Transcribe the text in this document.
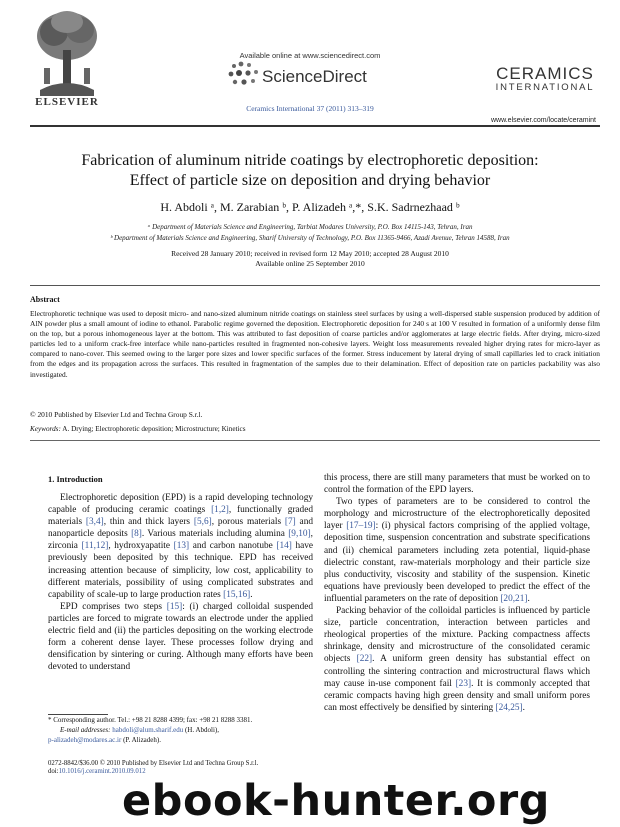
ELSEVIER
Available online at www.sciencedirect.com
ScienceDirect
Ceramics International 37 (2011) 313–319
CERAMICS
INTERNATIONAL
www.elsevier.com/locate/ceramint
Fabrication of aluminum nitride coatings by electrophoretic deposition:
Effect of particle size on deposition and drying behavior
H. Abdoli ᵃ, M. Zarabian ᵇ, P. Alizadeh ᵃ,*, S.K. Sadrnezhaad ᵇ
ᵃ Department of Materials Science and Engineering, Tarbiat Modares University, P.O. Box 14115-143, Tehran, Iran
ᵇ Department of Materials Science and Engineering, Sharif University of Technology, P.O. Box 11365-9466, Azadi Avenue, Tehran 14588, Iran
Received 28 January 2010; received in revised form 12 May 2010; accepted 28 August 2010
Available online 25 September 2010
Abstract
Electrophoretic technique was used to deposit micro- and nano-sized aluminum nitride coatings on stainless steel surfaces by using a well-dispersed stable suspension produced by addition of AlN powder plus a small amount of iodine to ethanol. Parabolic regime governed the deposition. Electrophoretic deposition for 240 s at 100 V resulted in formation of a uniformly dense film on the top, but a porous inhomogeneous layer at the bottom. This was attributed to fast deposition of coarse particles and/or agglomerates at large electric fields. After drying, micro-sized particles led to a uniform crack-free interface while nano-particles resulted in fragmented non-cohesive layers. Weight loss measurements revealed higher drying rates for micro-layer as compared to nano-cover. This seemed owing to the larger pore sizes and lower specific surfaces of the former. Stress inducement by lateral drying of small capillaries led to crack initiation from the edges and its propagation across the surfaces. This resulted in fragmentation of the samples due to their delamination. Effect of deposition rate on particles packability was also investigated.
© 2010 Published by Elsevier Ltd and Techna Group S.r.l.
Keywords: A. Drying; Electrophoretic deposition; Microstructure; Kinetics
1. Introduction

Electrophoretic deposition (EPD) is a rapid developing technology capable of producing ceramic coatings [1,2], functionally graded materials [3,4], thin and thick layers [5,6], porous materials [7] and nanoparticle deposits [8]. Various materials including alumina [9,10], zirconia [11,12], hydroxyapatite [13] and carbon nanotube [14] have previously been deposited by this technique. EPD has received increasing attention because of simplicity, low cost, applicability to different materials, possibility of using complicated substrates and capability of scale-up to large production rates [15,16].

EPD comprises two steps [15]: (i) charged colloidal suspended particles are forced to migrate towards an electrode under the applied electric field and (ii) the particles depositing on the working electrode form a coherent dense layer. These processes follow drying and densification by sintering or curing. Although many efforts have been devoted to understand

this process, there are still many parameters that must be worked on to control the formation of the EPD layers.

Two types of parameters are to be considered to control the morphology and microstructure of the electrophoretically deposited layer [17–19]: (i) physical factors comprising of the applied voltage, deposition time, suspension concentration and substrate specifications and (ii) chemical parameters including zeta potential, liquid-phase dielectric constant, raw-materials morphology and their particle size plus conductivity, viscosity and stability of the suspension. Kinetic equations have previously been developed to predict the effect of the influential parameters on the rate of deposition [20,21].

Packing behavior of the colloidal particles is influenced by particle size, particle concentration, interaction between particles and rheological properties of the mixture. Packing compactness affects shrinkage, density and microstructure of the consolidated ceramic objects [22]. A uniform green density has substantial effect on controlling the sintering contraction and microstructural flaws which may cause in-use component fail [23]. It is commonly accepted that ceramic compacts having high green density and small uniform pores can most effectively be densified by sintering [24,25].

* Corresponding author. Tel.: +98 21 8288 4399; fax: +98 21 8288 3381.
E-mail addresses: habdoli@alum.sharif.edu (H. Abdoli),
p-alizadeh@modares.ac.ir (P. Alizadeh).
0272-8842/$36.00 © 2010 Published by Elsevier Ltd and Techna Group S.r.l.
doi:10.1016/j.ceramint.2010.09.012
ebook-hunter.org
